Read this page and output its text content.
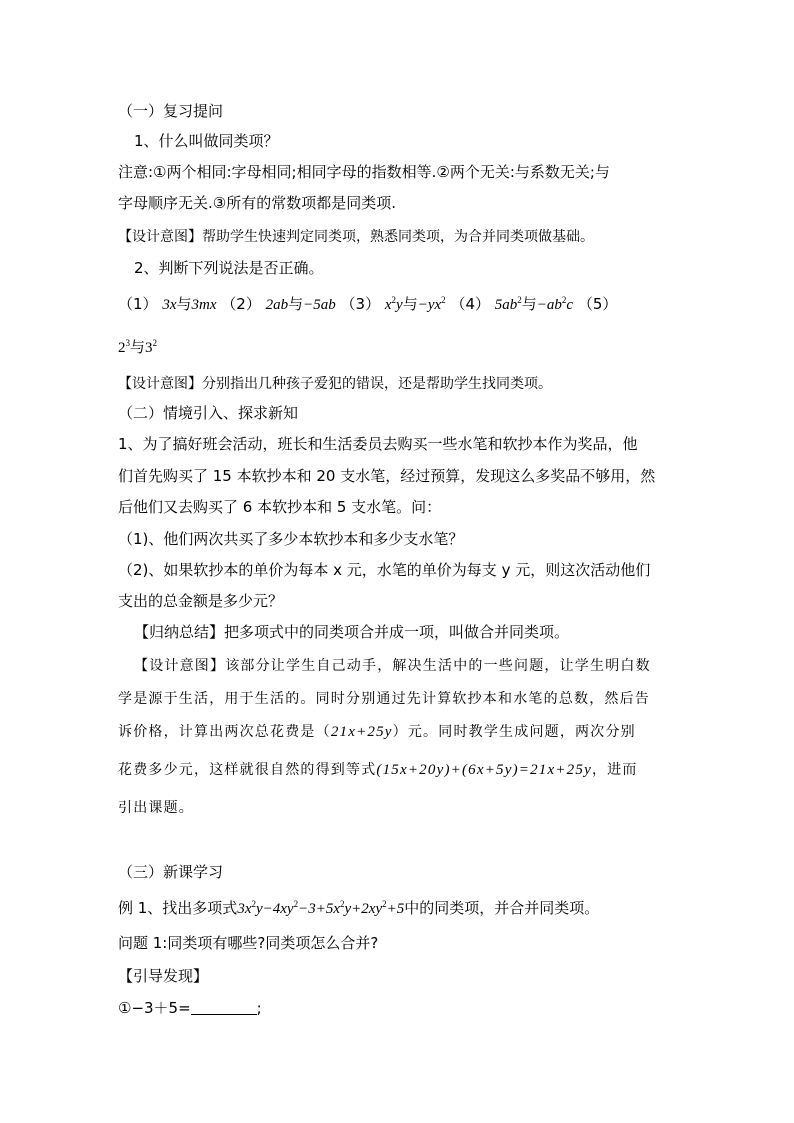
（一）复习提问
1、什么叫做同类项？
注意:①两个相同:字母相同;相同字母的指数相等.②两个无关:与系数无关;与
字母顺序无关.③所有的常数项都是同类项.
【设计意图】帮助学生快速判定同类项，熟悉同类项，为合并同类项做基础。
2、判断下列说法是否正确。
（1） 3x与3mx （2） 2ab与−5ab （3） $x^2y$与$-yx^2$ （4） $5ab^2$与$-ab^2c$ （5）
$2^3$与$3^2$
【设计意图】分别指出几种孩子爱犯的错误，还是帮助学生找同类项。
（二）情境引入、探求新知
1、为了搞好班会活动，班长和生活委员去购买一些水笔和软抄本作为奖品，他
们首先购买了 15 本软抄本和 20 支水笔，经过预算，发现这么多奖品不够用，然
后他们又去购买了 6 本软抄本和 5 支水笔。问：
（1)、他们两次共买了多少本软抄本和多少支水笔？
（2)、如果软抄本的单价为每本 x 元，水笔的单价为每支 y 元，则这次活动他们
支出的总金额是多少元？
【归纳总结】把多项式中的同类项合并成一项，叫做合并同类项。
【设计意图】该部分让学生自己动手，解决生活中的一些问题，让学生明白数
学是源于生活，用于生活的。同时分别通过先计算软抄本和水笔的总数，然后告
诉价格，计算出两次总花费是（21x+25y）元。同时教学生成问题，两次分别
花费多少元，这样就很自然的得到等式(15x+20y)+(6x+5y)=21x+25y，进而
引出课题。
（三）新课学习
例 1、找出多项式$3x^2y-4xy^2-3+5x^2y+2xy^2+5$中的同类项，并合并同类项。
问题 1:同类项有哪些?同类项怎么合并?
【引导发现】
①−3＋5=	;
